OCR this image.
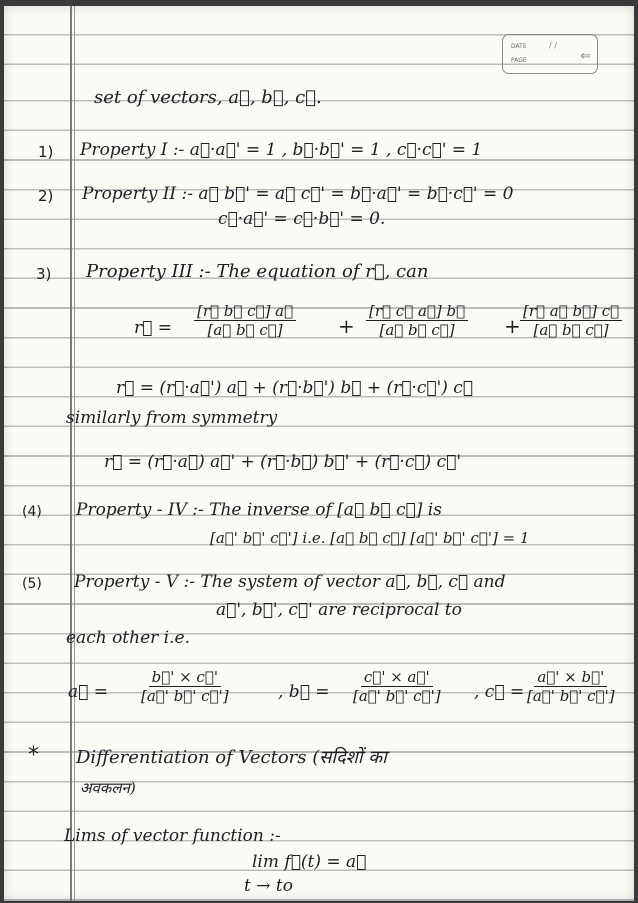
DATE	/ /
PAGE	⇐
set of vectors, a⃗, b⃗, c⃗.
1) Property I :- a⃗·a⃗' = 1 , b⃗·b⃗' = 1 , c⃗·c⃗' = 1
2) Property II :- a⃗ b⃗' = a⃗ c⃗' = b⃗·a⃗' = b⃗·c⃗' = 0
c⃗·a⃗' = c⃗·b⃗' = 0.
3) Property III :- The equation of r⃗, can
r⃗ = $\frac{[r⃗ b⃗ c⃗] a⃗}{[a⃗ b⃗ c⃗]} + \frac{[r⃗ c⃗ a⃗] b⃗}{[a⃗ b⃗ c⃗]} + \frac{[r⃗ a⃗ b⃗] c⃗}{[a⃗ b⃗ c⃗]}$
r⃗ = (r⃗·a⃗') a⃗ + (r⃗·b⃗') b⃗ + (r⃗·c⃗') c⃗
similarly from symmetry
r⃗ = (r⃗·a⃗) a⃗' + (r⃗·b⃗) b⃗' + (r⃗·c⃗) c⃗'
(4) Property - IV :- The inverse of [a⃗ b⃗ c⃗] is
[a⃗' b⃗' c⃗'] i.e. [a⃗ b⃗ c⃗] [a⃗' b⃗' c⃗'] = 1
(5) Property - V :- The system of vector a⃗, b⃗, c⃗ and
a⃗', b⃗', c⃗' are reciprocal to
each other i.e.
a⃗ = $\frac{b⃗' \times c⃗'}{[a⃗' b⃗' c⃗']}$	, b⃗ = $\frac{c⃗' \times a⃗'}{[a⃗' b⃗' c⃗']}$ , c⃗ = $\frac{a⃗' \times b⃗'}{[a⃗' b⃗' c⃗']}$
* Differentiation of Vectors (सदिशों का
अवकलन)
Lims of vector function :-
lim f⃗(t) = a⃗
t → to
